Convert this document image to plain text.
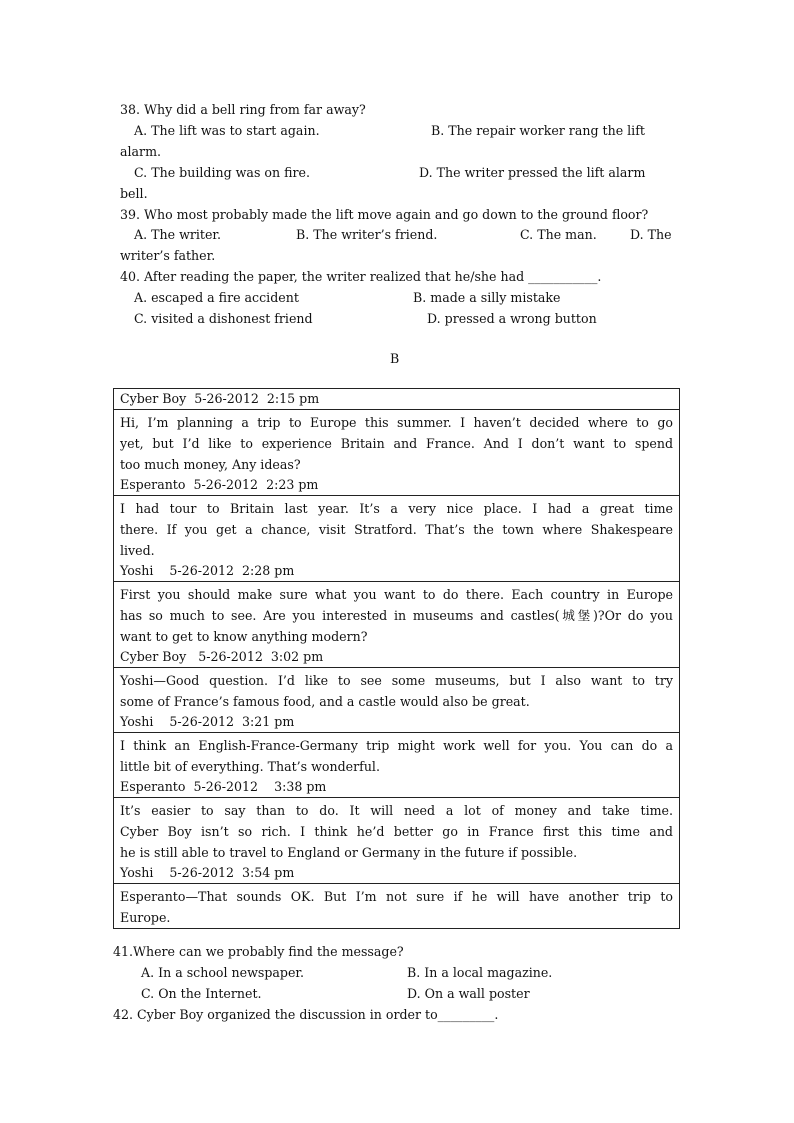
38. Why did a bell ring from far away?
A. The lift was to start again.	B. The repair worker rang the lift
alarm.
C. The building was on fire.	D. The writer pressed the lift alarm
bell.
39. Who most probably made the lift move again and go down to the ground floor?
A. The writer.	B. The writer’s friend.	C. The man.	D. The
writer’s father.
40. After reading the paper, the writer realized that he/she had ___________.
A. escaped a fire accident	B. made a silly mistake
C. visited a dishonest friend	D. pressed a wrong button
B
Cyber Boy  5-26-2012  2:15 pm
Hi, I’m planning a trip to Europe this summer. I haven’t decided where to go
yet, but I’d like to experience Britain and France. And I don’t want to spend
too much money, Any ideas?
Esperanto  5-26-2012  2:23 pm
I had tour to Britain last year. It’s a very nice place. I had a great time
there. If you get a chance, visit Stratford. That’s the town where Shakespeare
lived.
Yoshi    5-26-2012  2:28 pm
First you should make sure what you want to do there. Each country in Europe
has so much to see. Are you interested in museums and castles(城堡)?Or do you
want to get to know anything modern?
Cyber Boy   5-26-2012  3:02 pm
Yoshi—Good question. I’d like to see some museums, but I also want to try
some of France’s famous food, and a castle would also be great.
Yoshi    5-26-2012  3:21 pm
I think an English-France-Germany trip might work well for you. You can do a
little bit of everything. That’s wonderful.
Esperanto  5-26-2012    3:38 pm
It’s easier to say than to do. It will need a lot of money and take time.
Cyber Boy isn’t so rich. I think he’d better go in France first this time and
he is still able to travel to England or Germany in the future if possible.
Yoshi    5-26-2012  3:54 pm
Esperanto—That sounds OK. But I’m not sure if he will have another trip to
Europe.
41.Where can we probably find the message?
A. In a school newspaper.	B. In a local magazine.
C. On the Internet.	D. On a wall poster
42. Cyber Boy organized the discussion in order to_________.
